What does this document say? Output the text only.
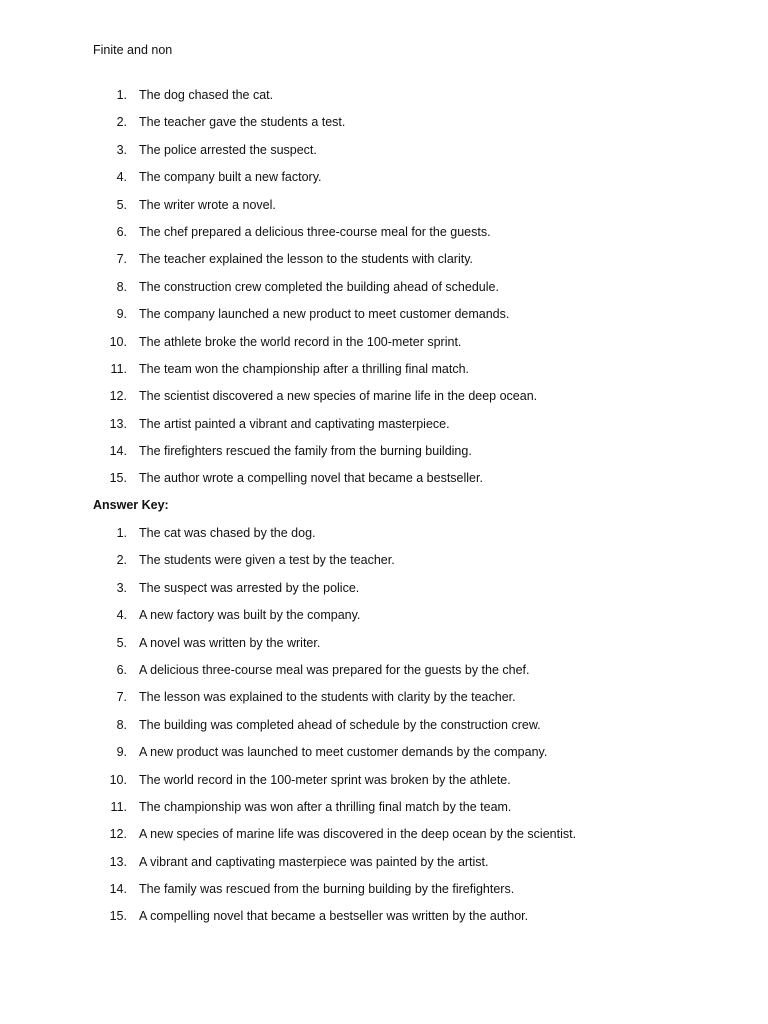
Finite and non
1. The dog chased the cat.
2. The teacher gave the students a test.
3. The police arrested the suspect.
4. The company built a new factory.
5. The writer wrote a novel.
6. The chef prepared a delicious three-course meal for the guests.
7. The teacher explained the lesson to the students with clarity.
8. The construction crew completed the building ahead of schedule.
9. The company launched a new product to meet customer demands.
10. The athlete broke the world record in the 100-meter sprint.
11. The team won the championship after a thrilling final match.
12. The scientist discovered a new species of marine life in the deep ocean.
13. The artist painted a vibrant and captivating masterpiece.
14. The firefighters rescued the family from the burning building.
15. The author wrote a compelling novel that became a bestseller.
Answer Key:
1. The cat was chased by the dog.
2. The students were given a test by the teacher.
3. The suspect was arrested by the police.
4. A new factory was built by the company.
5. A novel was written by the writer.
6. A delicious three-course meal was prepared for the guests by the chef.
7. The lesson was explained to the students with clarity by the teacher.
8. The building was completed ahead of schedule by the construction crew.
9. A new product was launched to meet customer demands by the company.
10. The world record in the 100-meter sprint was broken by the athlete.
11. The championship was won after a thrilling final match by the team.
12. A new species of marine life was discovered in the deep ocean by the scientist.
13. A vibrant and captivating masterpiece was painted by the artist.
14. The family was rescued from the burning building by the firefighters.
15. A compelling novel that became a bestseller was written by the author.
